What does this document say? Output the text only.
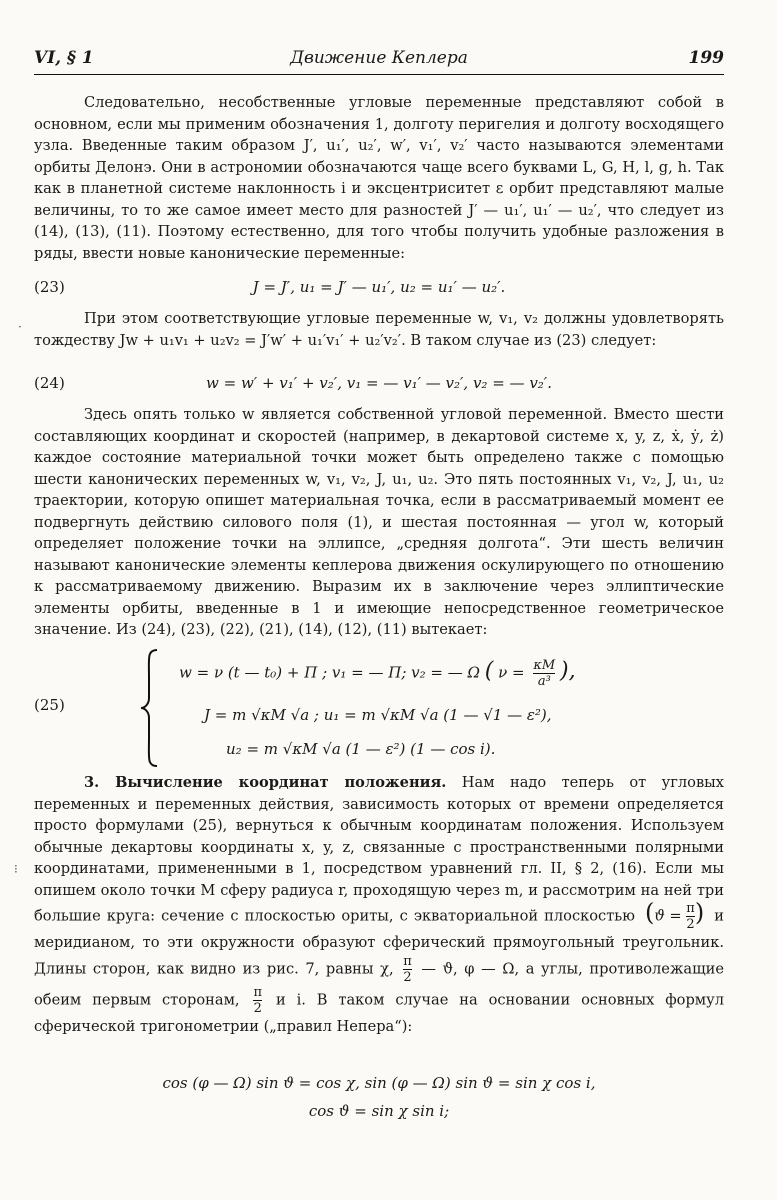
VI, § 1	Движение Кеплера	199
Следовательно, несобственные угловые переменные представляют собой в основном, если мы применим обозначения 1, долготу перигелия и долготу восходящего узла. Введенные таким образом J′, u₁′, u₂′, w′, v₁′, v₂′ часто называются элементами орбиты Делонэ. Они в астрономии обозначаются чаще всего буквами L, G, H, l, g, h. Так как в планетной системе наклонность i и эксцентриситет ε орбит представляют малые величины, то то же самое имеет место для разностей J′ — u₁′, u₁′ — u₂′, что следует из (14), (13), (11). Поэтому естественно, для того чтобы получить удобные разложения в ряды, ввести новые канонические переменные:
(23)	J = J′, u₁ = J′ — u₁′, u₂ = u₁′ — u₂′.
При этом соответствующие угловые переменные w, v₁, v₂ должны удовлетворять тождеству Jw + u₁v₁ + u₂v₂ = J′w′ + u₁′v₁′ + u₂′v₂′. В таком случае из (23) следует:
(24)	w = w′ + v₁′ + v₂′, v₁ = — v₁′ — v₂′, v₂ = — v₂′.
Здесь опять только w является собственной угловой переменной. Вместо шести составляющих координат и скоростей (например, в декартовой системе x, y, z, ẋ, ẏ, ż) каждое состояние материальной точки может быть определено также с помощью шести канонических переменных w, v₁, v₂, J, u₁, u₂. Это пять постоянных v₁, v₂, J, u₁, u₂ траектории, которую опишет материальная точка, если в рассматриваемый момент ее подвергнуть действию силового поля (1), и шестая постоянная — угол w, который определяет положение точки на эллипсе, „средняя долгота“. Эти шесть величин называют канонические элементы кеплерова движения оскулирующего по отношению к рассматриваемому движению. Выразим их в заключение через эллиптические элементы орбиты, введенные в 1 и имеющие непосредственное геометрическое значение. Из (24), (23), (22), (21), (14), (12), (11) вытекает:
(25)
w = ν (t — t₀) + Π ; v₁ = — Π; v₂ = — Ω ( $\nu = \frac{\kappa M}{\text{a³}}$ ),
J = m √κM √a ; u₁ = m √κM √a (1 — √1 — ε²),
u₂ = m √κM √a (1 — ε²) (1 — cos i).
3. Вычисление координат положения. Нам надо теперь от угловых переменных и переменных действия, зависимость которых от времени определяется просто формулами (25), вернуться к обычным координатам положения. Используем обычные декартовы координаты x, y, z, связанные с пространственными полярными координатами, примененными в 1, посредством уравнений гл. II, § 2, (16). Если мы опишем около точки M сферу радиуса r, проходящую через m, и рассмотрим на ней три большие круга: сечение с плоскостью ориты, с экваториальной плоскостью ($ϑ = \frac{\pi}{2}$ ) и меридианом, то эти окружности образуют сферический прямоугольный треугольник. Длины сторон, как видно из рис. 7, равны χ, $\frac{\pi}{2}$ — ϑ, φ — Ω, а углы, противолежащие обеим первым сторонам, $\frac{\pi}{2}$ и i. В таком случае на основании основных формул сферической тригонометрии („правил Непера“):
cos (φ — Ω) sin ϑ = cos χ, sin (φ — Ω) sin ϑ = sin χ cos i,
cos ϑ = sin χ sin i;
·
⁝
